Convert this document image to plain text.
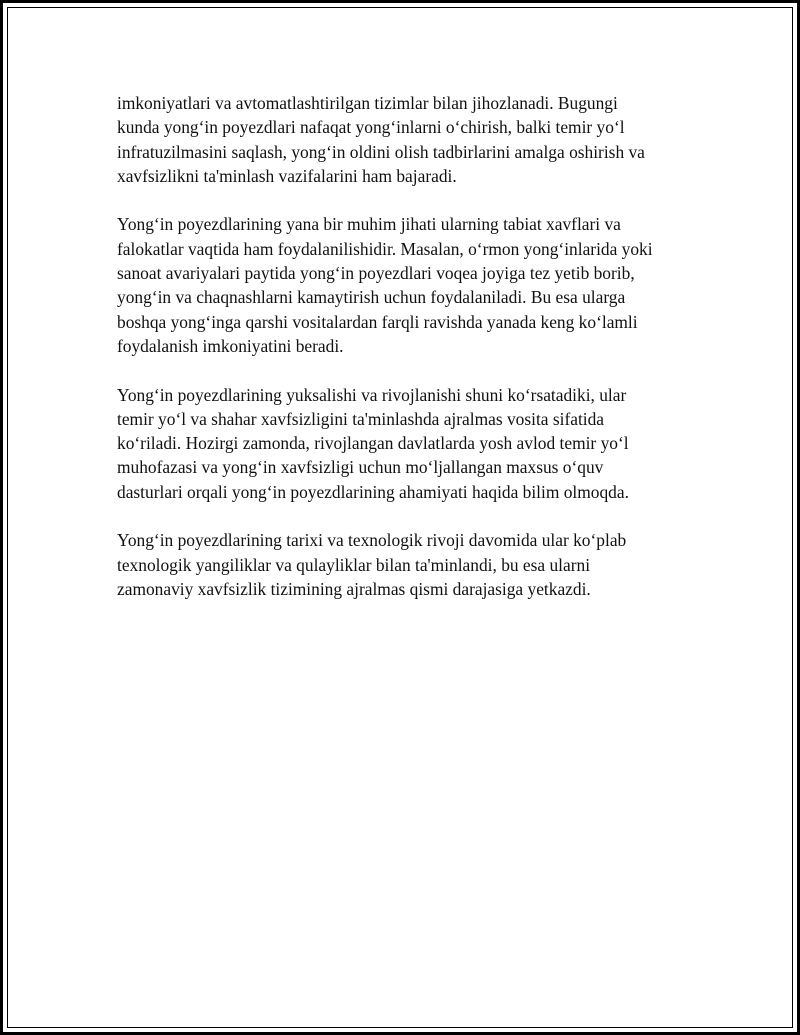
imkoniyatlari va avtomatlashtirilgan tizimlar bilan jihozlanadi. Bugungi
kunda yong‘in poyezdlari nafaqat yong‘inlarni o‘chirish, balki temir yo‘l
infratuzilmasini saqlash, yong‘in oldini olish tadbirlarini amalga oshirish va
xavfsizlikni ta'minlash vazifalarini ham bajaradi.

Yong‘in poyezdlarining yana bir muhim jihati ularning tabiat xavflari va
falokatlar vaqtida ham foydalanilishidir. Masalan, o‘rmon yong‘inlarida yoki
sanoat avariyalari paytida yong‘in poyezdlari voqea joyiga tez yetib borib,
yong‘in va chaqnashlarni kamaytirish uchun foydalaniladi. Bu esa ularga
boshqa yong‘inga qarshi vositalardan farqli ravishda yanada keng ko‘lamli
foydalanish imkoniyatini beradi.

Yong‘in poyezdlarining yuksalishi va rivojlanishi shuni ko‘rsatadiki, ular
temir yo‘l va shahar xavfsizligini ta'minlashda ajralmas vosita sifatida
ko‘riladi. Hozirgi zamonda, rivojlangan davlatlarda yosh avlod temir yo‘l
muhofazasi va yong‘in xavfsizligi uchun mo‘ljallangan maxsus o‘quv
dasturlari orqali yong‘in poyezdlarining ahamiyati haqida bilim olmoqda.

Yong‘in poyezdlarining tarixi va texnologik rivoji davomida ular ko‘plab
texnologik yangiliklar va qulayliklar bilan ta'minlandi, bu esa ularni
zamonaviy xavfsizlik tizimining ajralmas qismi darajasiga yetkazdi.
